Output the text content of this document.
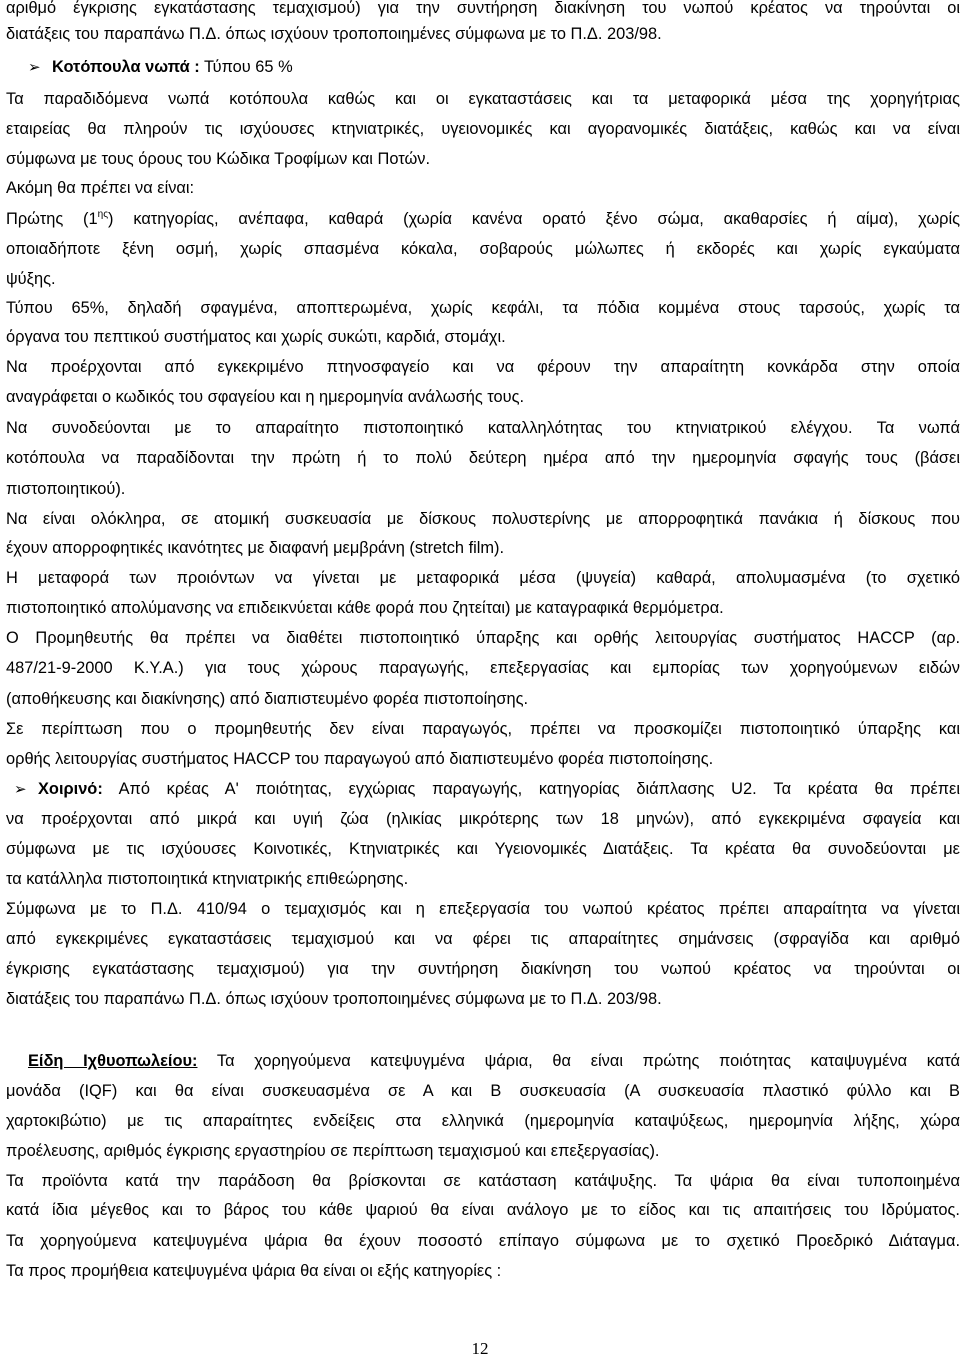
αριθμό έγκρισης εγκατάστασης τεμαχισμού) για την συντήρηση διακίνηση του νωπού κρέατος να τηρούνται οι

διατάξεις του παραπάνω Π.Δ. όπως ισχύουν τροποποιημένες σύμφωνα με το Π.Δ. 203/98.

➢ Κοτόπουλα νωπά : Τύπου 65 %

Τα παραδιδόμενα νωπά κοτόπουλα καθώς και οι εγκαταστάσεις και τα μεταφορικά μέσα της χορηγήτριας

εταιρείας θα πληρούν τις ισχύουσες κτηνιατρικές, υγειονομικές και αγορανομικές διατάξεις, καθώς και να είναι

σύμφωνα με τους όρους του Κώδικα Τροφίμων και Ποτών.

Ακόμη θα πρέπει να είναι:

Πρώτης $(1^{\eta\varsigma})$ κατηγορίας, ανέπαφα, καθαρά (χωρία κανένα ορατό ξένο σώμα, ακαθαρσίες ή αίμα), χωρίς

οποιαδήποτε ξένη οσμή, χωρίς σπασμένα κόκαλα, σοβαρούς μώλωπες ή εκδορές και χωρίς εγκαύματα

ψύξης.

Τύπου 65%, δηλαδή σφαγμένα, αποπτερωμένα, χωρίς κεφάλι, τα πόδια κομμένα στους ταρσούς, χωρίς τα

όργανα του πεπτικού συστήματος και χωρίς συκώτι, καρδιά, στομάχι.

Να προέρχονται από εγκεκριμένο πτηνοσφαγείο και να φέρουν την απαραίτητη κονκάρδα στην οποία

αναγράφεται ο κωδικός του σφαγείου και η ημερομηνία ανάλωσής τους.

Να συνοδεύονται με το απαραίτητο πιστοποιητικό καταλληλότητας του κτηνιατρικού ελέγχου. Τα νωπά

κοτόπουλα να παραδίδονται την πρώτη ή το πολύ δεύτερη ημέρα από την ημερομηνία σφαγής τους (βάσει

πιστοποιητικού).

Να είναι ολόκληρα, σε ατομική συσκευασία με δίσκους πολυστερίνης με απορροφητικά πανάκια ή δίσκους που

έχουν απορροφητικές ικανότητες με διαφανή μεμβράνη (stretch film).

Η μεταφορά των προιόντων να γίνεται με μεταφορικά μέσα (ψυγεία) καθαρά, απολυμασμένα (το σχετικό

πιστοποιητικό απολύμανσης να επιδεικνύεται κάθε φορά που ζητείται) με καταγραφικά θερμόμετρα.

Ο Προμηθευτής θα πρέπει να διαθέτει πιστοποιητικό ύπαρξης και ορθής λειτουργίας συστήματος HACCP (αρ.

487/21-9-2000 Κ.Υ.Α.) για τους χώρους παραγωγής, επεξεργασίας και εμπορίας των χορηγούμενων ειδών

(αποθήκευσης και διακίνησης) από διαπιστευμένο φορέα πιστοποίησης.

Σε περίπτωση που ο προμηθευτής δεν είναι παραγωγός, πρέπει να προσκομίζει πιστοποιητικό ύπαρξης και

ορθής λειτουργίας συστήματος HACCP του παραγωγού από διαπιστευμένο φορέα πιστοποίησης.

➢ Χοιρινό: Από κρέας Α' ποιότητας, εγχώριας παραγωγής, κατηγορίας διάπλασης U2. Τα κρέατα θα πρέπει

να προέρχονται από μικρά και υγιή ζώα (ηλικίας μικρότερης των 18 μηνών), από εγκεκριμένα σφαγεία και

σύμφωνα με τις ισχύουσες Κοινοτικές, Κτηνιατρικές και Υγειονομικές Διατάξεις. Τα κρέατα θα συνοδεύονται με

τα κατάλληλα πιστοποιητικά κτηνιατρικής επιθεώρησης.

Σύμφωνα με το Π.Δ. 410/94 ο τεμαχισμός και η επεξεργασία του νωπού κρέατος πρέπει απαραίτητα να γίνεται

από εγκεκριμένες εγκαταστάσεις τεμαχισμού και να φέρει τις απαραίτητες σημάνσεις (σφραγίδα και αριθμό

έγκρισης εγκατάστασης τεμαχισμού) για την συντήρηση διακίνηση του νωπού κρέατος να τηρούνται οι

διατάξεις του παραπάνω Π.Δ. όπως ισχύουν τροποποιημένες σύμφωνα με το Π.Δ. 203/98.

Είδη Ιχθυοπωλείου: Τα χορηγούμενα κατεψυγμένα ψάρια, θα είναι πρώτης ποιότητας καταψυγμένα κατά

μονάδα (IQF) και θα είναι συσκευασμένα σε Α και Β συσκευασία (Α συσκευασία πλαστικό φύλλο και Β

χαρτοκιβώτιο) με τις απαραίτητες ενδείξεις στα ελληνικά (ημερομηνία καταψύξεως, ημερομηνία λήξης, χώρα

προέλευσης, αριθμός έγκρισης εργαστηρίου σε περίπτωση τεμαχισμού και επεξεργασίας).

Τα προϊόντα κατά την παράδοση θα βρίσκονται σε κατάσταση κατάψυξης. Τα ψάρια θα είναι τυποποιημένα

κατά ίδια μέγεθος και το βάρος του κάθε ψαριού θα είναι ανάλογο με το είδος και τις απαιτήσεις του Ιδρύματος.

Τα χορηγούμενα κατεψυγμένα ψάρια θα έχουν ποσοστό επίπαγο σύμφωνα με το σχετικό Προεδρικό Διάταγμα.

Τα προς προμήθεια κατεψυγμένα ψάρια θα είναι οι εξής κατηγορίες :

12
